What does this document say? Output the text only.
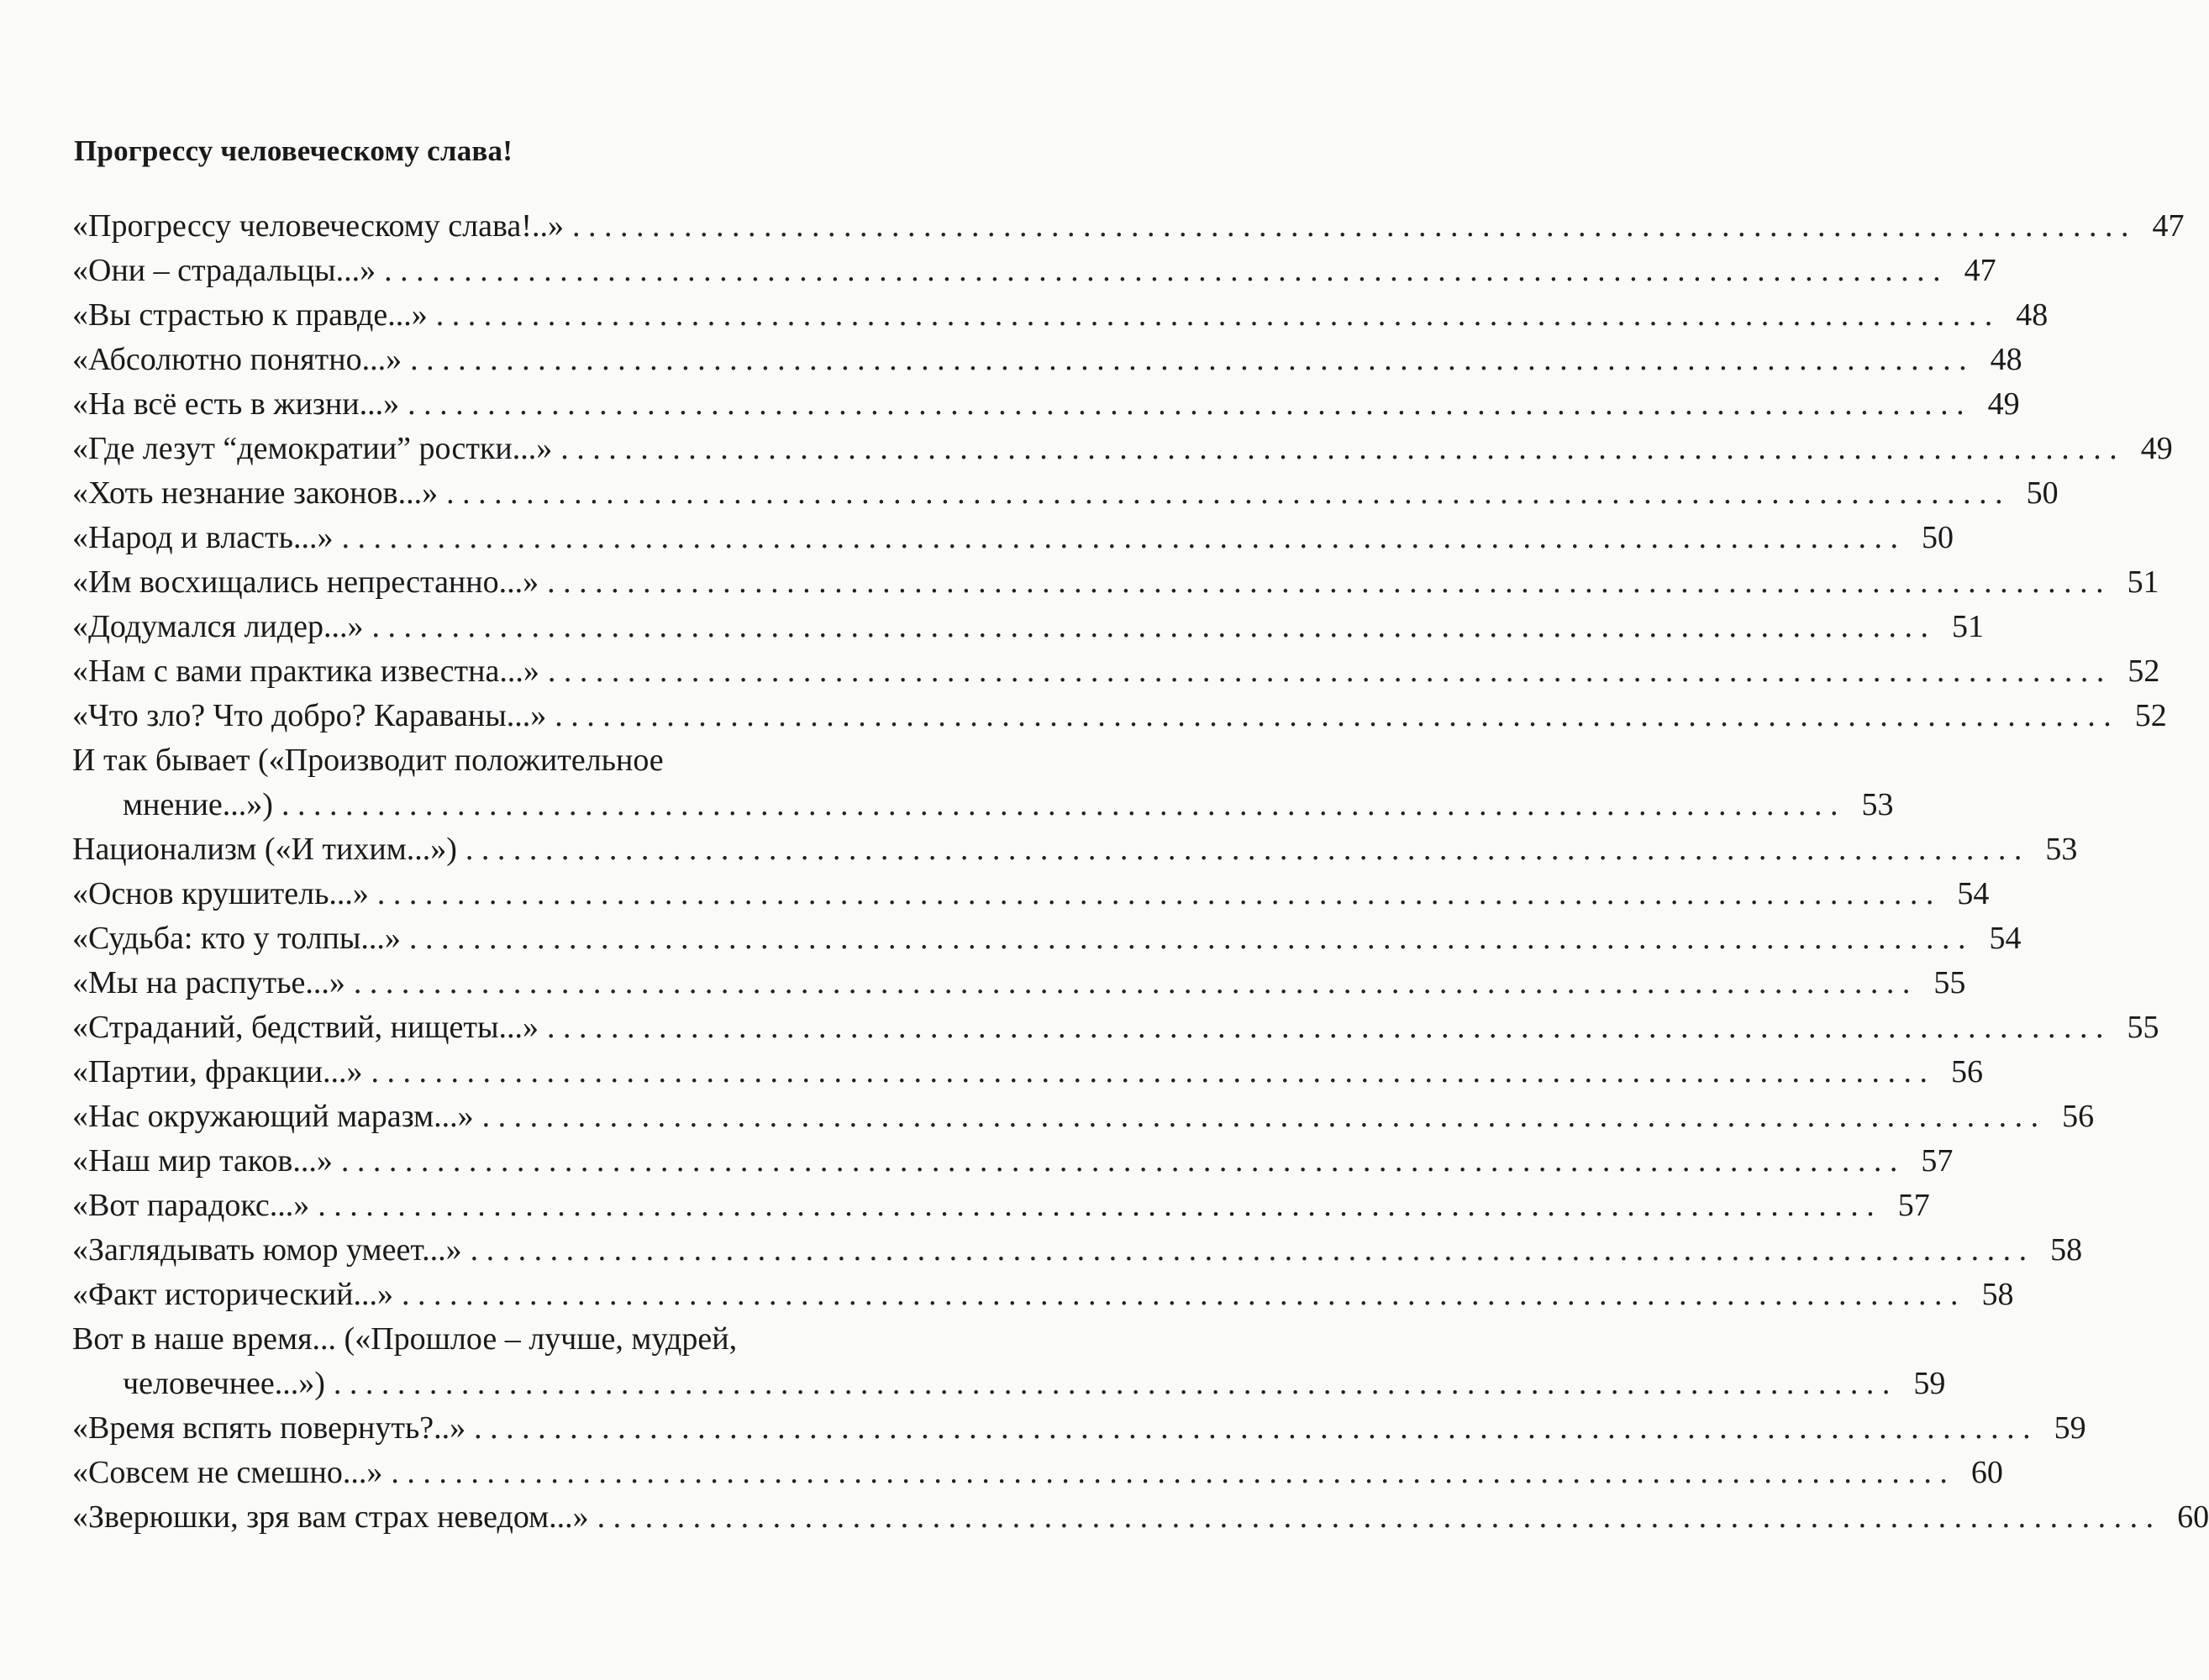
Прогрессу человеческому слава!
«Прогрессу человеческому слава!..» . . .	47
«Они – страдальцы...» . . .	47
«Вы страстью к правде...» . . .	48
«Абсолютно понятно...» . . .	48
«На всё есть в жизни...» . . .	49
«Где лезут “демократии” ростки...» . . .	49
«Хоть незнание законов...» . . .	50
«Народ и власть...» . . .	50
«Им восхищались непрестанно...» . . .	51
«Додумался лидер...» . . .	51
«Нам с вами практика известна...» . . .	52
«Что зло? Что добро? Караваны...» . . .	52
И так бывает («Производит положительное
мнение...») . . .	53
Национализм («И тихим...») . . .	53
«Основ крушитель...» . . .	54
«Судьба: кто у толпы...» . . .	54
«Мы на распутье...» . . .	55
«Страданий, бедствий, нищеты...» . . .	55
«Партии, фракции...» . . .	56
«Нас окружающий маразм...» . . .	56
«Наш мир таков...» . . .	57
«Вот парадокс...» . . .	57
«Заглядывать юмор умеет...» . . .	58
«Факт исторический...» . . .	58
Вот в наше время... («Прошлое – лучше, мудрей,
человечнее...») . . .	59
«Время вспять повернуть?..» . . .	59
«Совсем не смешно...» . . .	60
«Зверюшки, зря вам страх неведом...» . . .	60
